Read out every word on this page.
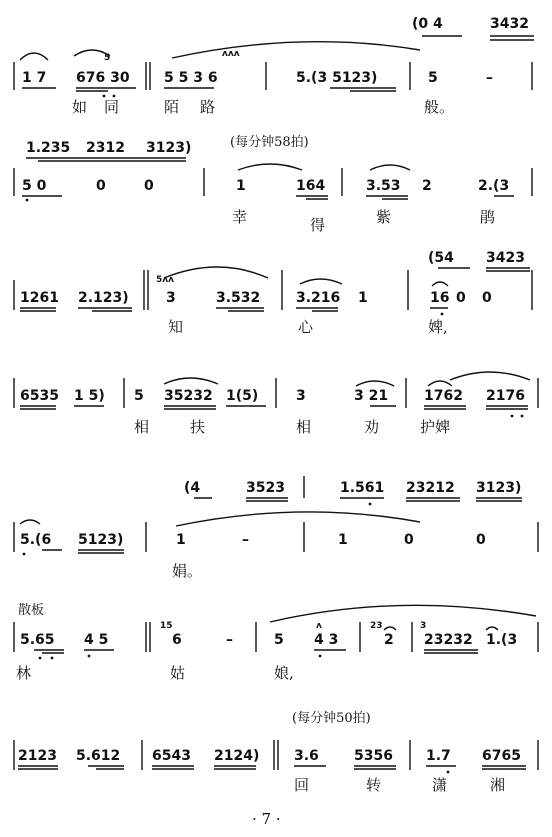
(0 4	3432
1 7
5
676 30
ʌʌʌ
5 5 3 6	5.(3 5123)	5	–
如 同	陌 路	般。
1.235 2312 3123)	(每分钟58拍)
5 0	0	0	1	164	3.53 2	2.(3
幸	得	紫	鹃
(54 3423
1261 2.123)
5ʌʌ
3	3.532	3.216 1	16 0 0
知	心	婢,
6535 1 5) 5 35232 1(5)	3	3 21	1762 2176
相	扶	相	劝	护婢
(4	3523	1.561 23212 3123)
5.(6 5123)	1	–	1	0	0
娟。
散板
5.65 4 5
15
6	–	5
ʌ
4 3
23
2
3
23232 1.(3
林	姑	娘,
(每分钟50拍)
2123 5.612 6543 2124) 3.6	5356 1.7 6765
回	转	潇	湘
· 7 ·
